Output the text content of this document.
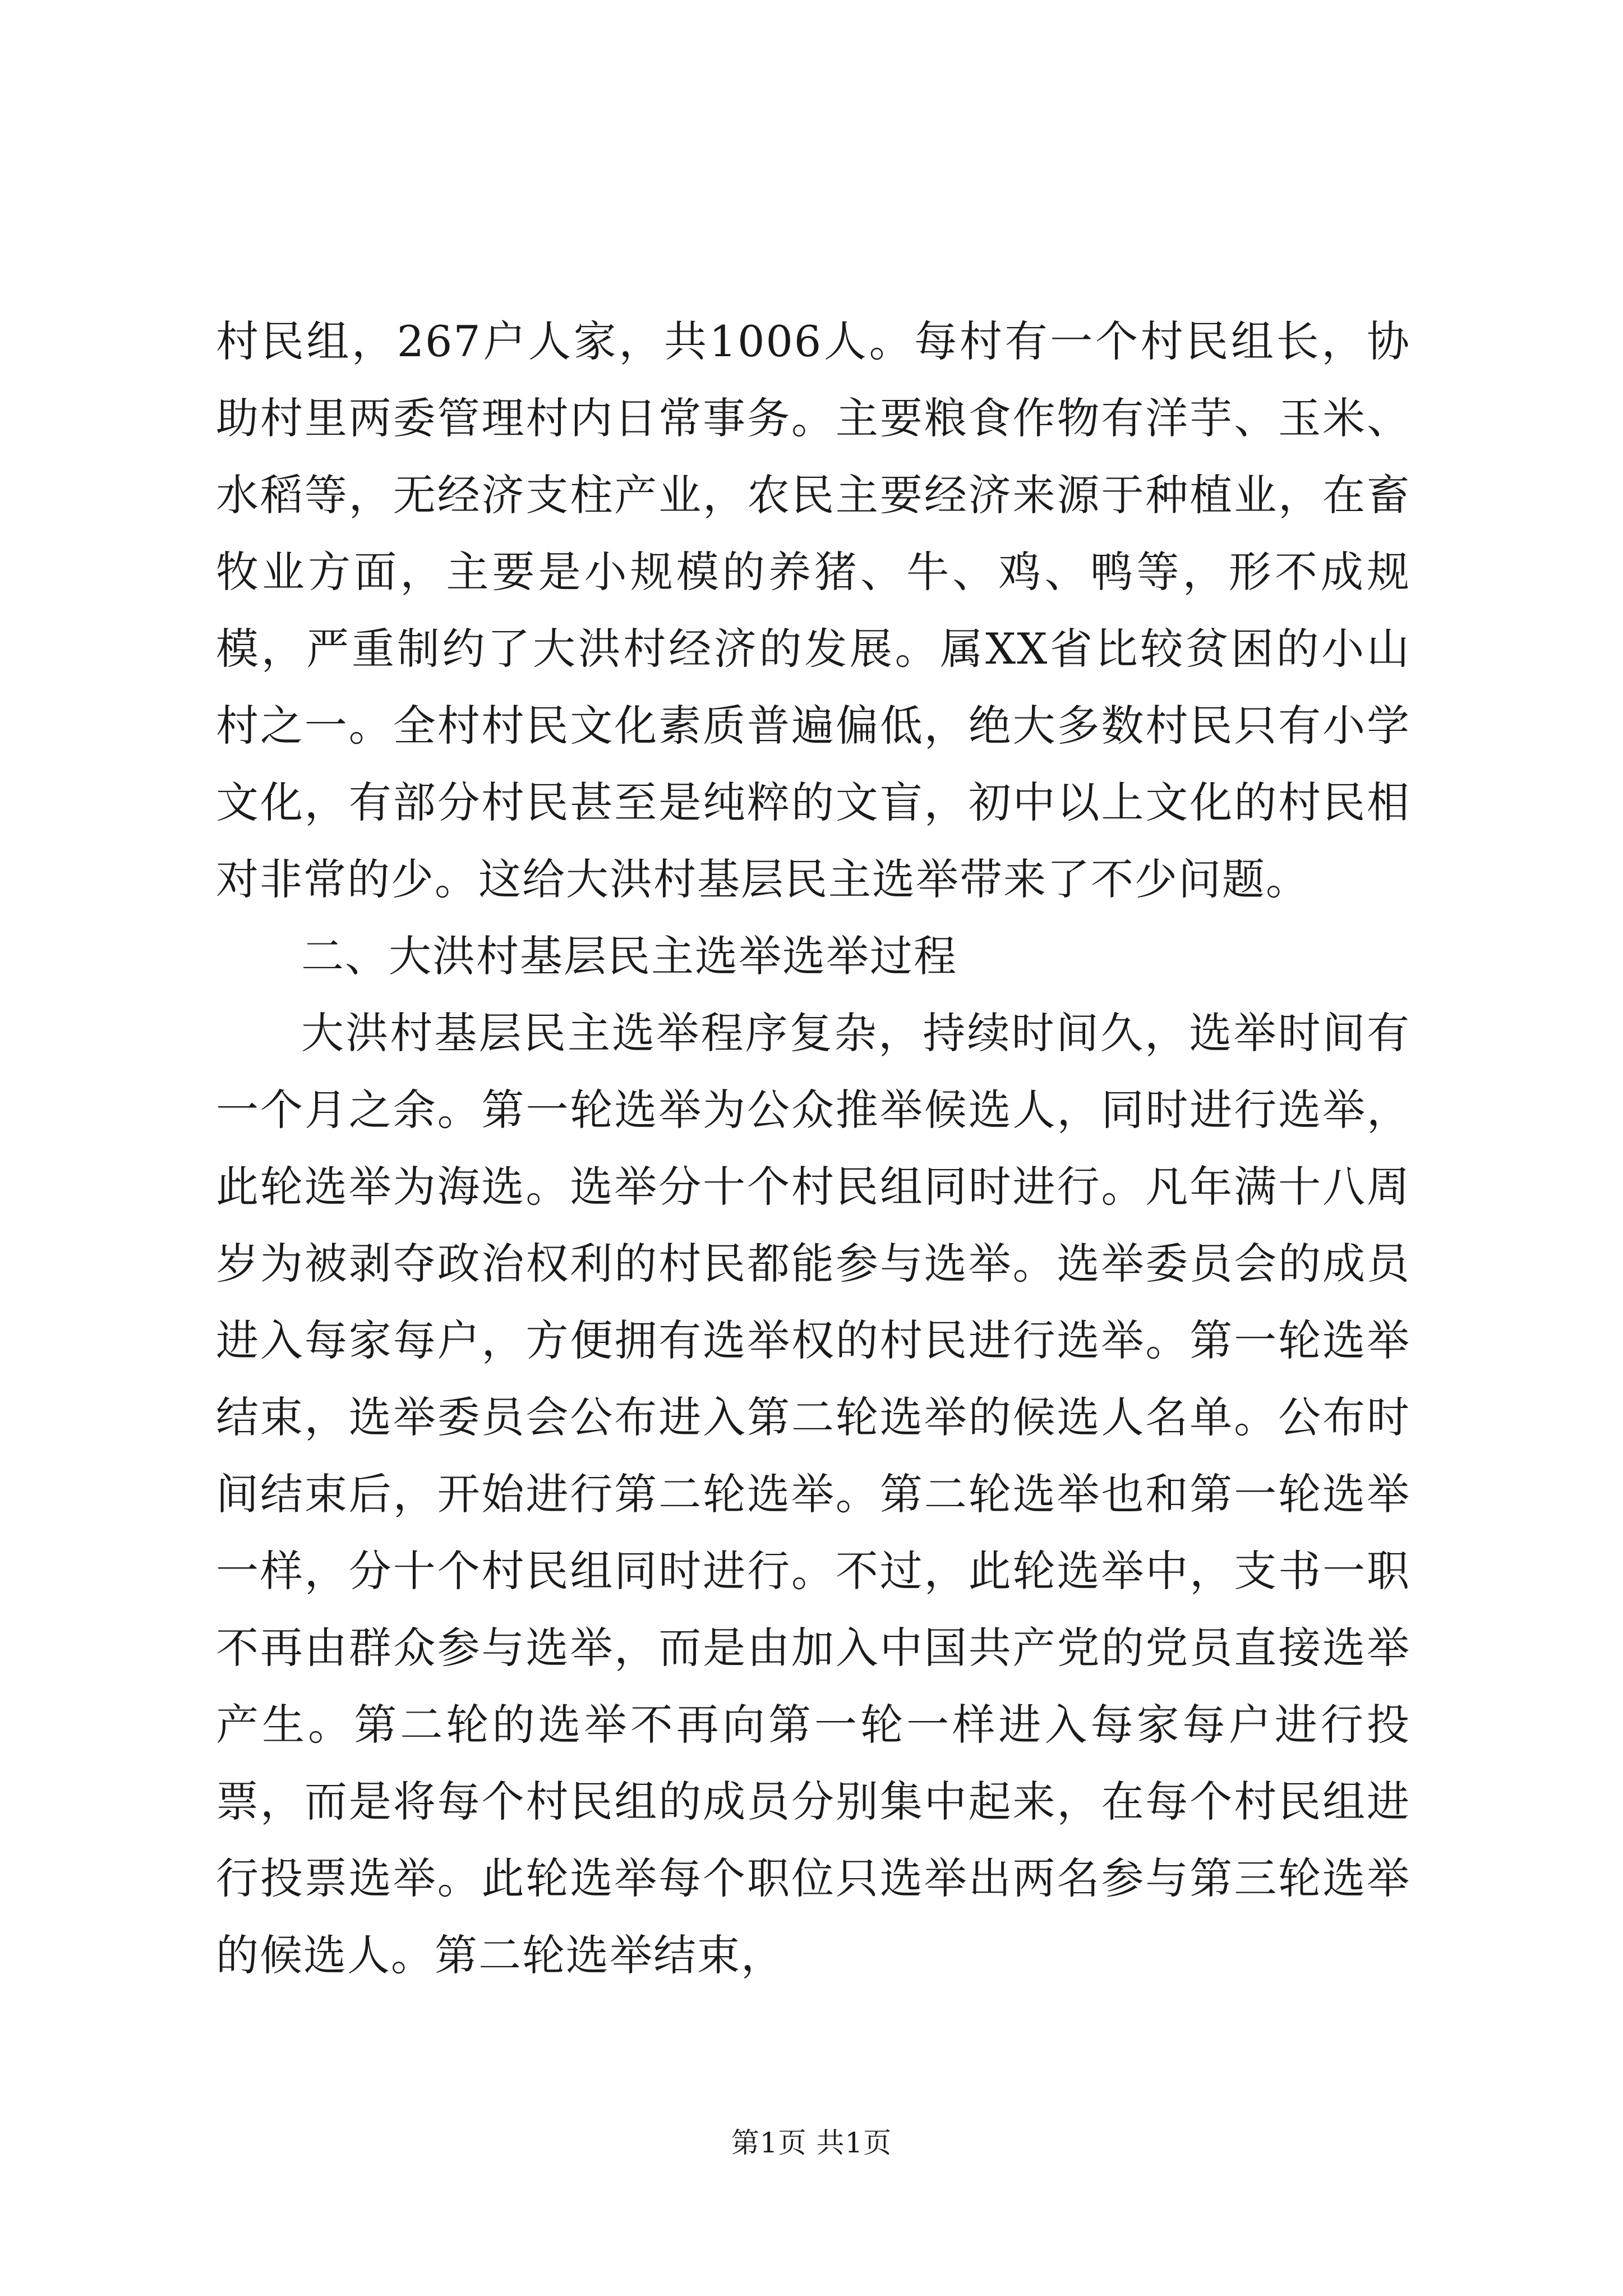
村民组，267户人家，共1006人。每村有一个村民组长，协助村里两委管理村内日常事务。主要粮食作物有洋芋、玉米、水稻等，无经济支柱产业，农民主要经济来源于种植业，在畜牧业方面，主要是小规模的养猪、牛、鸡、鸭等，形不成规模，严重制约了大洪村经济的发展。属XX省比较贫困的小山村之一。全村村民文化素质普遍偏低，绝大多数村民只有小学文化，有部分村民甚至是纯粹的文盲，初中以上文化的村民相对非常的少。这给大洪村基层民主选举带来了不少问题。

二、大洪村基层民主选举选举过程

大洪村基层民主选举程序复杂，持续时间久，选举时间有一个月之余。第一轮选举为公众推举候选人，同时进行选举，此轮选举为海选。选举分十个村民组同时进行。凡年满十八周岁为被剥夺政治权利的村民都能参与选举。选举委员会的成员进入每家每户，方便拥有选举权的村民进行选举。第一轮选举结束，选举委员会公布进入第二轮选举的候选人名单。公布时间结束后，开始进行第二轮选举。第二轮选举也和第一轮选举一样，分十个村民组同时进行。不过，此轮选举中，支书一职不再由群众参与选举，而是由加入中国共产党的党员直接选举产生。第二轮的选举不再向第一轮一样进入每家每户进行投票，而是将每个村民组的成员分别集中起来，在每个村民组进行投票选举。此轮选举每个职位只选举出两名参与第三轮选举的候选人。第二轮选举结束，

第1页 共1页
